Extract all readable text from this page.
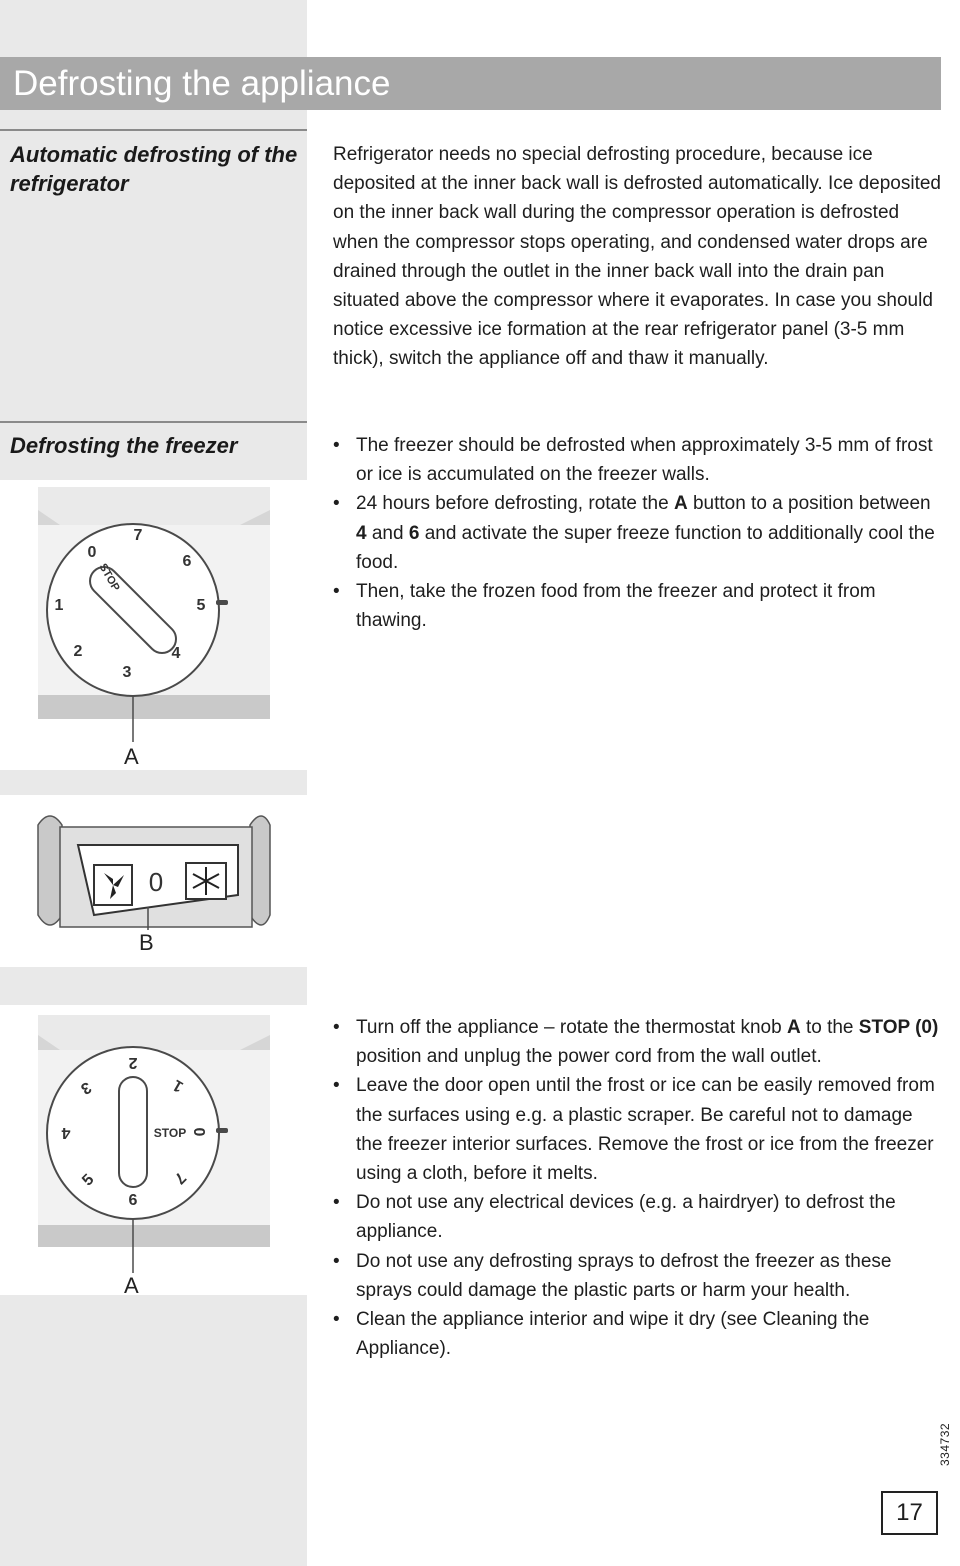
Defrosting the appliance
Automatic defrosting of the refrigerator

Refrigerator needs no special defrosting procedure, because ice deposited at the inner back wall is defrosted automatically. Ice deposited on the inner back wall during the compressor operation is defrosted when the compressor stops operating, and condensed water drops are drained through the outlet in the inner back wall into the drain pan situated above the compressor where it evaporates. In case you should notice excessive ice formation at the rear refrigerator panel (3-5 mm thick), switch the appliance off and thaw it manually.

Defrosting the freezer
•	The freezer should be defrosted when approximately 3-5 mm of frost or ice is accumulated on the freezer walls.
• 24 hours before defrosting, rotate the A button to a position between 4 and 6 and activate the super freeze function to additionally cool the food.
• Then, take the frozen food from the freezer and protect it from thawing.
1
2
3
4
5
6
7
0
STOP
A
0
B
• Turn off the appliance – rotate the thermostat knob A to the STOP (0) position and unplug the power cord from the wall outlet.
• Leave the door open until the frost or ice can be easily removed from the surfaces using e.g. a plastic scraper. Be careful not to damage the freezer interior surfaces. Remove the frost or ice from the freezer using a cloth, before it melts.
• Do not use any electrical devices (e.g. a hairdryer) to defrost the appliance.
• Do not use any defrosting sprays to defrost the freezer as these sprays could damage the plastic parts or harm your health.
• Clean the appliance interior and wipe it dry (see Cleaning the Appliance).
4
3
2
1
0
7
6
5
STOP
A
334732
17
